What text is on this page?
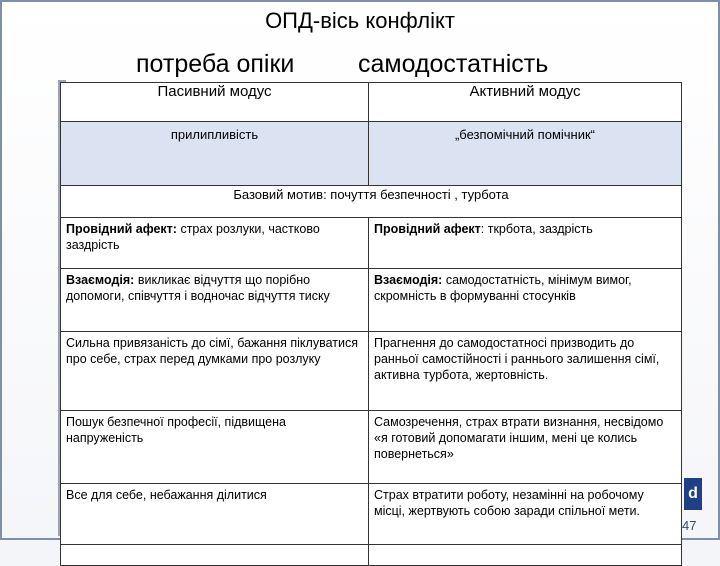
ОПД-вісь конфлікт
потреба опіки	самодостатність
Пасивний модус	Активний модус
прилипливість	„безпомічний помічник“
Базовий мотив: почуття безпечності , турбота	
Провідний афект: страх розлуки, частково заздрість	Провідний афект: ткрбота, заздрість
Взаємодія: викликає відчуття що порібно допомоги, співчуття і водночас відчуття тиску	Взаємодія: самодостатність, мінімум вимог, скромність в формуванні стосунків
Сильна привязаність до сімї, бажання піклуватися про себе, страх перед думками про розлуку	Прагнення до самодостатносі призводить до ранньої самостійності і раннього залишення сімї, активна турбота, жертовність.
Пошук безпечної професії, підвищена напруженість	Самозречення, страх втрати визнання, несвідомо «я готовий допомагати іншим, мені це колись повернеться»
Все для себе, небажання ділитися	Страх втратити роботу, незамінні на робочому місці, жертвують собою заради спільної мети.

d
47
